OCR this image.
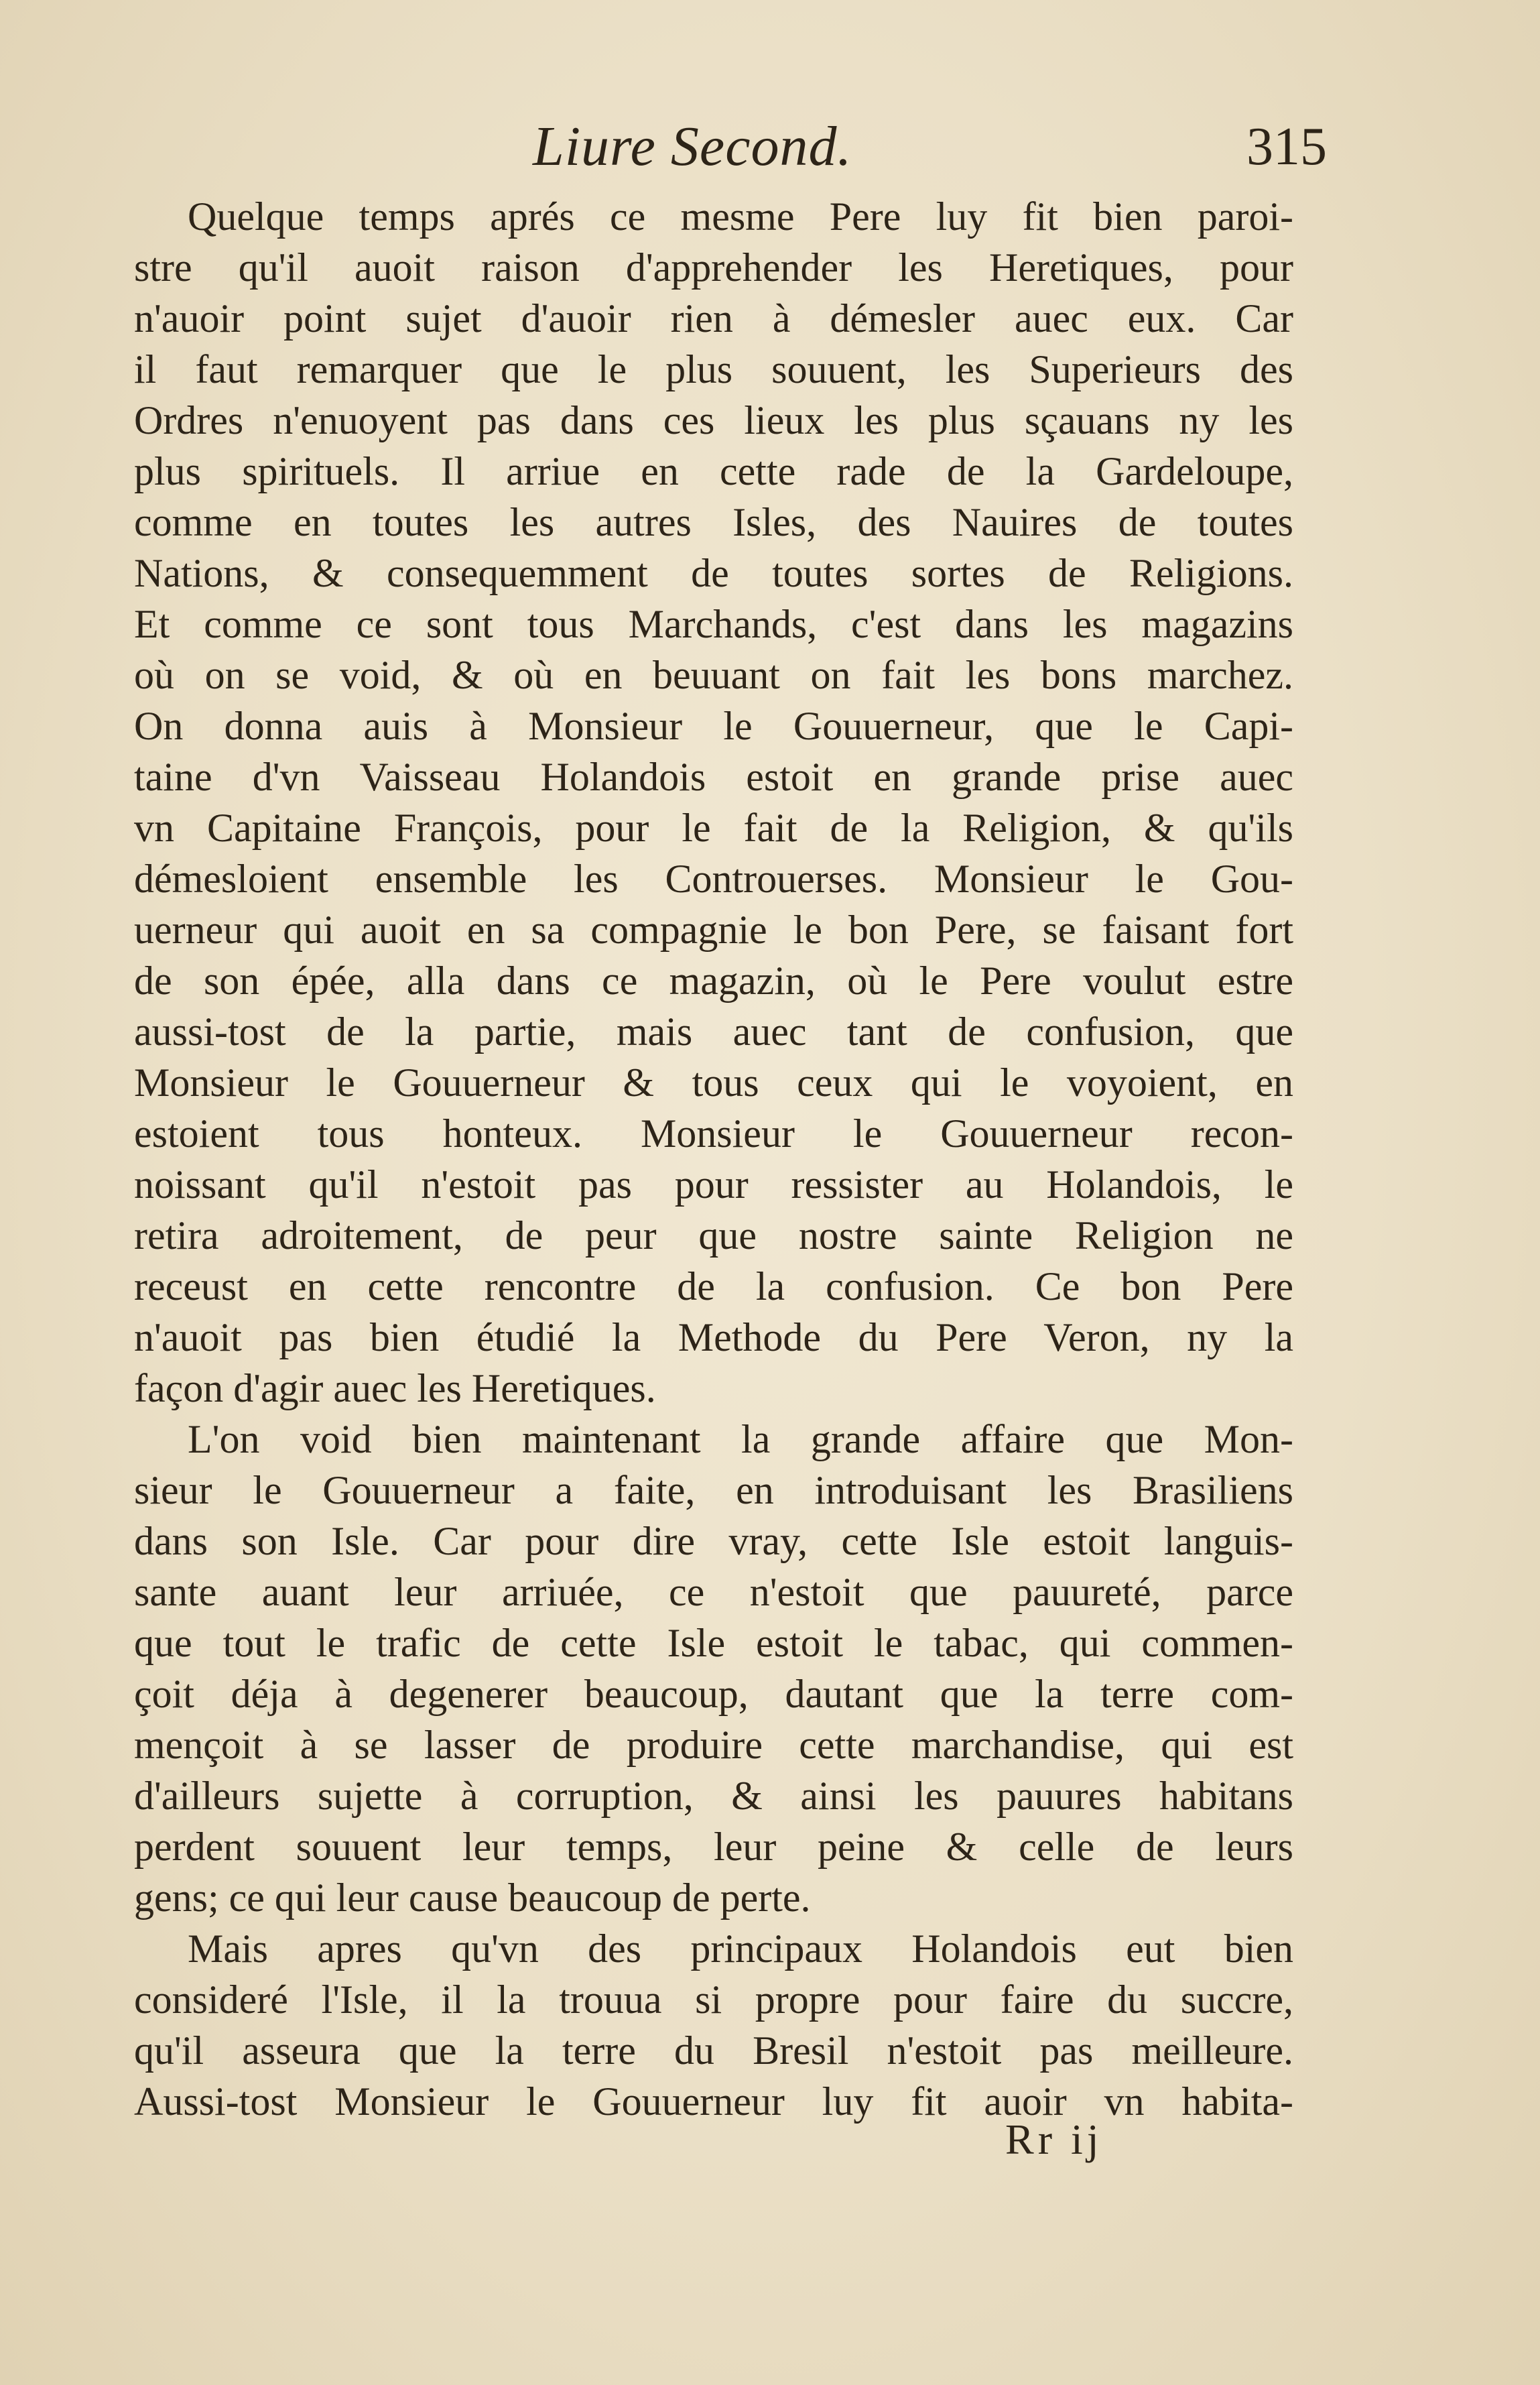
Liure Second.	315
Quelque temps aprés ce mesme Pere luy fit bien paroi-
stre qu'il auoit raison d'apprehender les Heretiques, pour
n'auoir point sujet d'auoir rien à démesler auec eux. Car
il faut remarquer que le plus souuent, les Superieurs des
Ordres n'enuoyent pas dans ces lieux les plus sçauans ny les
plus spirituels. Il arriue en cette rade de la Gardeloupe,
comme en toutes les autres Isles, des Nauires de toutes
Nations, & consequemment de toutes sortes de Religions.
Et comme ce sont tous Marchands, c'est dans les magazins
où on se void, & où en beuuant on fait les bons marchez.
On donna auis à Monsieur le Gouuerneur, que le Capi-
taine d'vn Vaisseau Holandois estoit en grande prise auec
vn Capitaine François, pour le fait de la Religion, & qu'ils
démesloient ensemble les Controuerses. Monsieur le Gou-
uerneur qui auoit en sa compagnie le bon Pere, se faisant fort
de son épée, alla dans ce magazin, où le Pere voulut estre
aussi-tost de la partie, mais auec tant de confusion, que
Monsieur le Gouuerneur & tous ceux qui le voyoient, en
estoient tous honteux. Monsieur le Gouuerneur recon-
noissant qu'il n'estoit pas pour ressister au Holandois, le
retira adroitement, de peur que nostre sainte Religion ne
receust en cette rencontre de la confusion. Ce bon Pere
n'auoit pas bien étudié la Methode du Pere Veron, ny la
façon d'agir auec les Heretiques.
L'on void bien maintenant la grande affaire que Mon-
sieur le Gouuerneur a faite, en introduisant les Brasiliens
dans son Isle. Car pour dire vray, cette Isle estoit languis-
sante auant leur arriuée, ce n'estoit que pauureté, parce
que tout le trafic de cette Isle estoit le tabac, qui commen-
çoit déja à degenerer beaucoup, dautant que la terre com-
mençoit à se lasser de produire cette marchandise, qui est
d'ailleurs sujette à corruption, & ainsi les pauures habitans
perdent souuent leur temps, leur peine & celle de leurs
gens; ce qui leur cause beaucoup de perte.
Mais apres qu'vn des principaux Holandois eut bien
consideré l'Isle, il la trouua si propre pour faire du succre,
qu'il asseura que la terre du Bresil n'estoit pas meilleure.
Aussi-tost Monsieur le Gouuerneur luy fit auoir vn habita-
Rr ij
